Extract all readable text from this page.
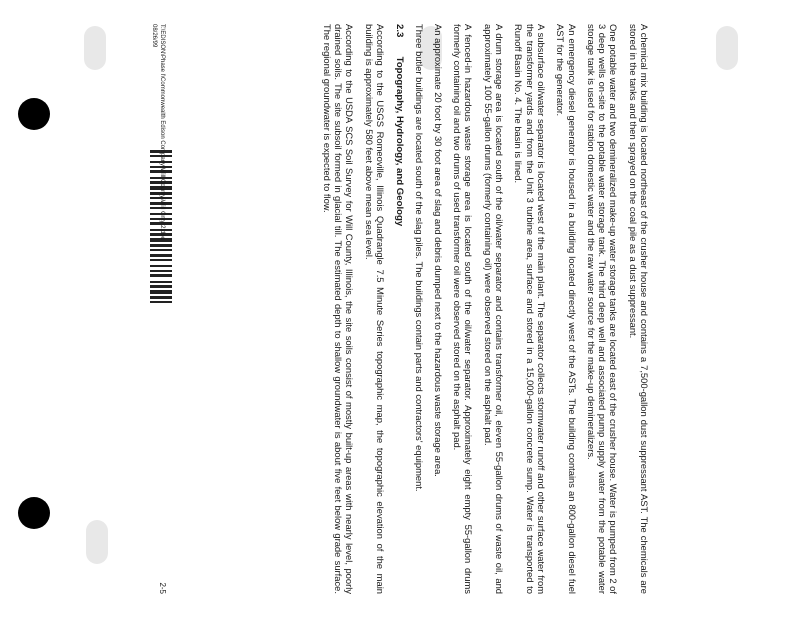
A chemical mix building is located northeast of the crusher house and contains a 7,500-gallon dust suppressant AST. The chemicals are stored in the tanks and then sprayed on the coal pile as a dust suppressant.

One potable water and two demineralized make-up water storage tanks are located east of the crusher house. Water is pumped from 2 of 3 deep wells on-site to the potable water storage tank. The third deep well and associated pump supply water from the potable water storage tank is used for station domestic water and the raw water source for the make-up demineralizers.

An emergency diesel generator is housed in a building located directly west of the ASTs. The building contains an 800-gallon diesel fuel AST for the generator.

A subsurface oil/water separator is located west of the main plant. The separator collects stormwater runoff and other surface water from the transformer yards and from the Unit 3 turbine area, surface and stored in a 15,000-gallon concrete sump. Water is transported to Runoff Basin No. 4. The basin is lined.

A drum storage area is located south of the oil/water separator and contains transformer oil, eleven 55-gallon drums of waste oil, and approximately 100 55-gallon drums (formerly containing oil) were observed stored on the asphalt pad.

A fenced-in hazardous waste storage area is located south of the oil/water separator. Approximately eight empty 55-gallon drums formerly containing oil and two drums of used transformer oil were observed stored on the asphalt pad.

An approximate 20 foot by 30 foot area of slag and debris dumped next to the hazardous waste storage area.

Three butler buildings are located south of the slag piles. The buildings contain parts and contractors' equipment.

2.3 Topography, Hydrology, and Geology

According to the USGS Romeoville, Illinois Quadrangle 7.5 Minute Series topographic map, the topographic elevation of the main building is approximately 580 feet above mean sea level.

According to the USDA SCS Soil Survey for Will County, Illinois, the site soils consist of mostly built-up areas with nearly level, poorly drained soils. The site subsoil formed in glacial till. The estimated depth to shallow groundwater is about five feet below grade surface. The regional groundwater is expected to flow.

T:\EDISON\Phase I\Commonwealth Edison Company\Will County\Will Cnty 2.doc
08/26/99
2-5
